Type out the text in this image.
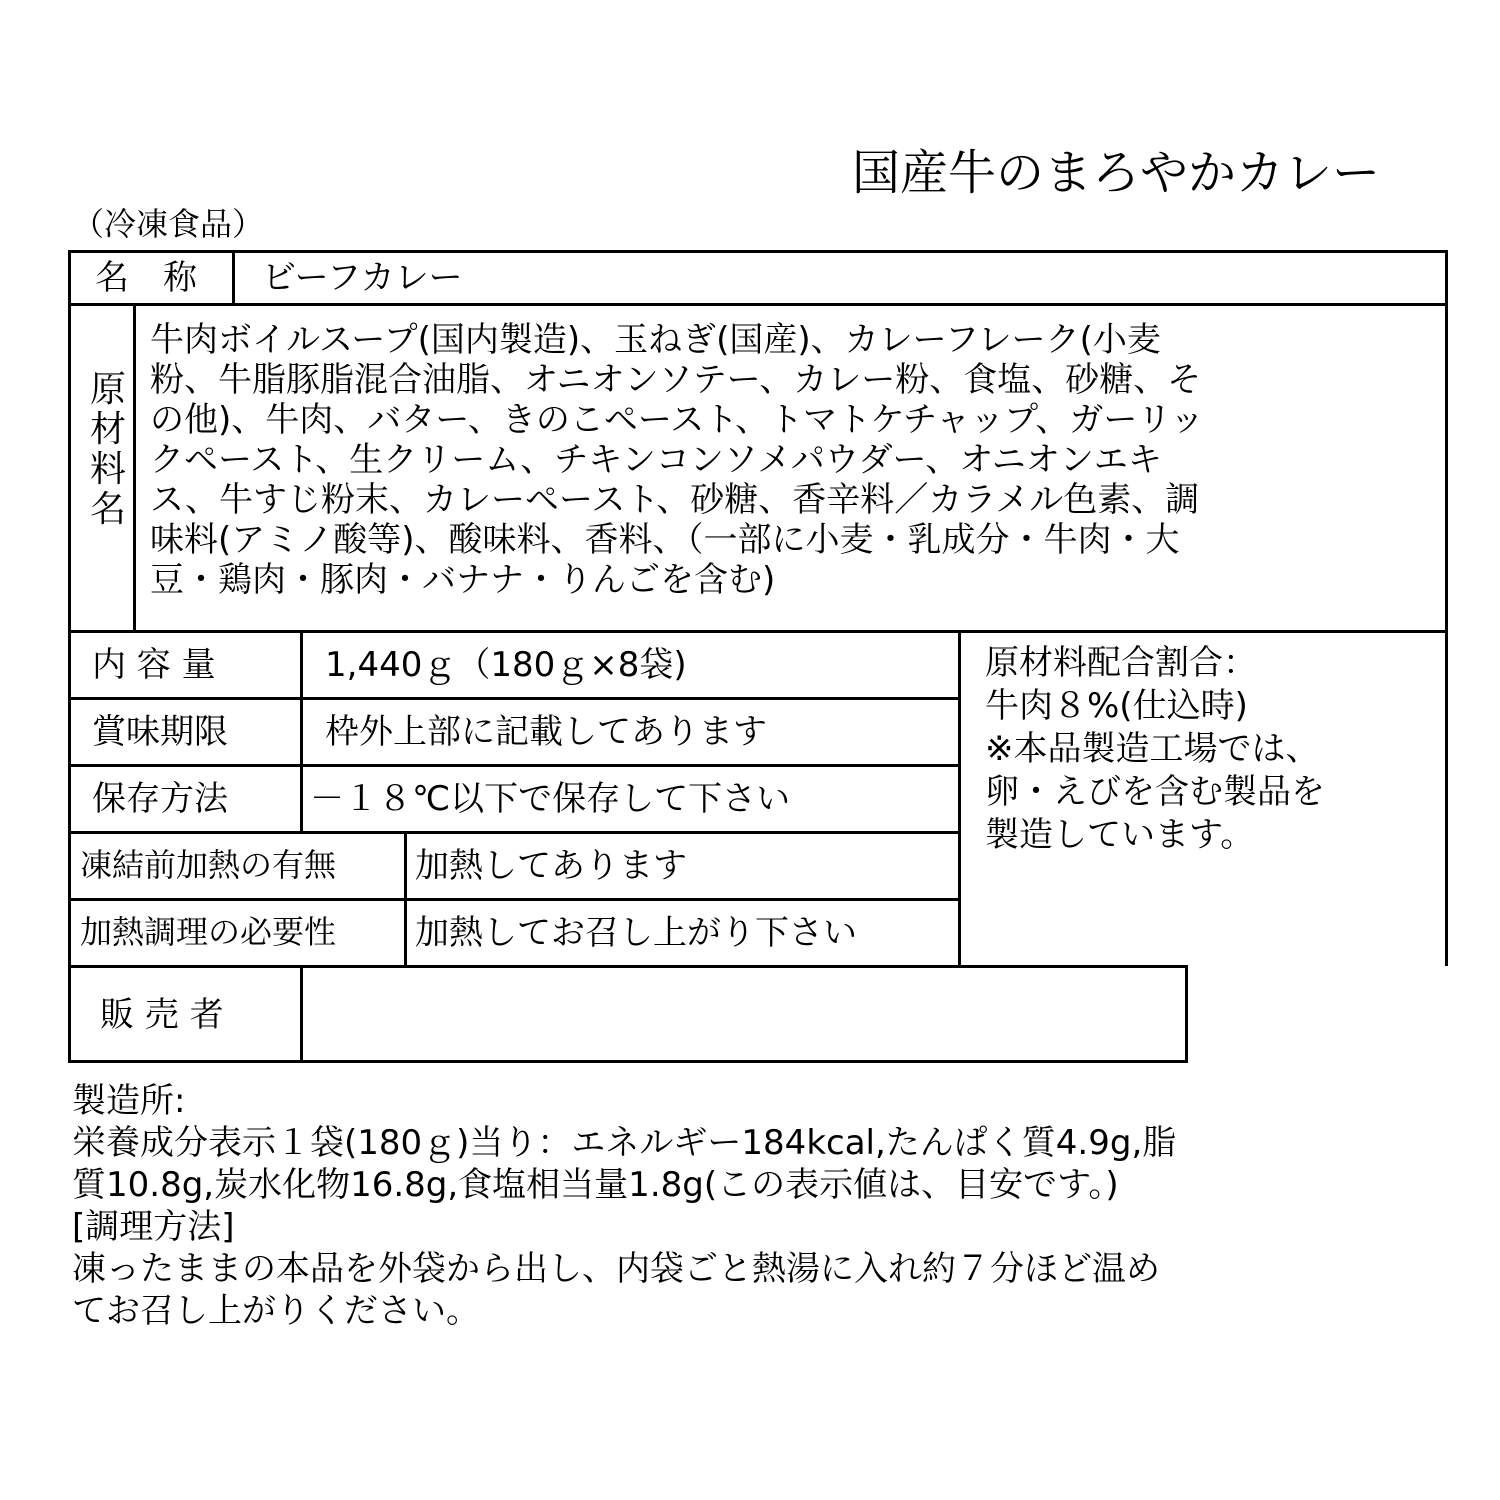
国産牛のまろやかカレー
（冷凍食品）
名　称 ビーフカレー
原
材
料
名
牛肉ボイルスープ(国内製造)、玉ねぎ(国産)、カレーフレーク(小麦
粉、牛脂豚脂混合油脂、オニオンソテー、カレー粉、食塩、砂糖、そ
の他)、牛肉、バター、きのこペースト、トマトケチャップ、ガーリッ
クペースト、生クリーム、チキンコンソメパウダー、オニオンエキ
ス、牛すじ粉末、カレーペースト、砂糖、香辛料／カラメル色素、調
味料(アミノ酸等)、酸味料、香料、（一部に小麦・乳成分・牛肉・大
豆・鶏肉・豚肉・バナナ・りんごを含む)
内 容 量	1,440ｇ（180ｇ×8袋)
賞味期限	枠外上部に記載してあります
保存方法 －１８℃以下で保存して下さい
凍結前加熱の有無 加熱してあります
加熱調理の必要性 加熱してお召し上がり下さい
販 売 者
原材料配合割合：
牛肉８%(仕込時)
※本品製造工場では、
卵・えびを含む製品を
製造しています。
製造所:
栄養成分表示１袋(180ｇ)当り：エネルギー184kcal,たんぱく質4.9g,脂
質10.8g,炭水化物16.8g,食塩相当量1.8g(この表示値は、目安です。)
[調理方法]
凍ったままの本品を外袋から出し、内袋ごと熱湯に入れ約７分ほど温め
てお召し上がりください。
